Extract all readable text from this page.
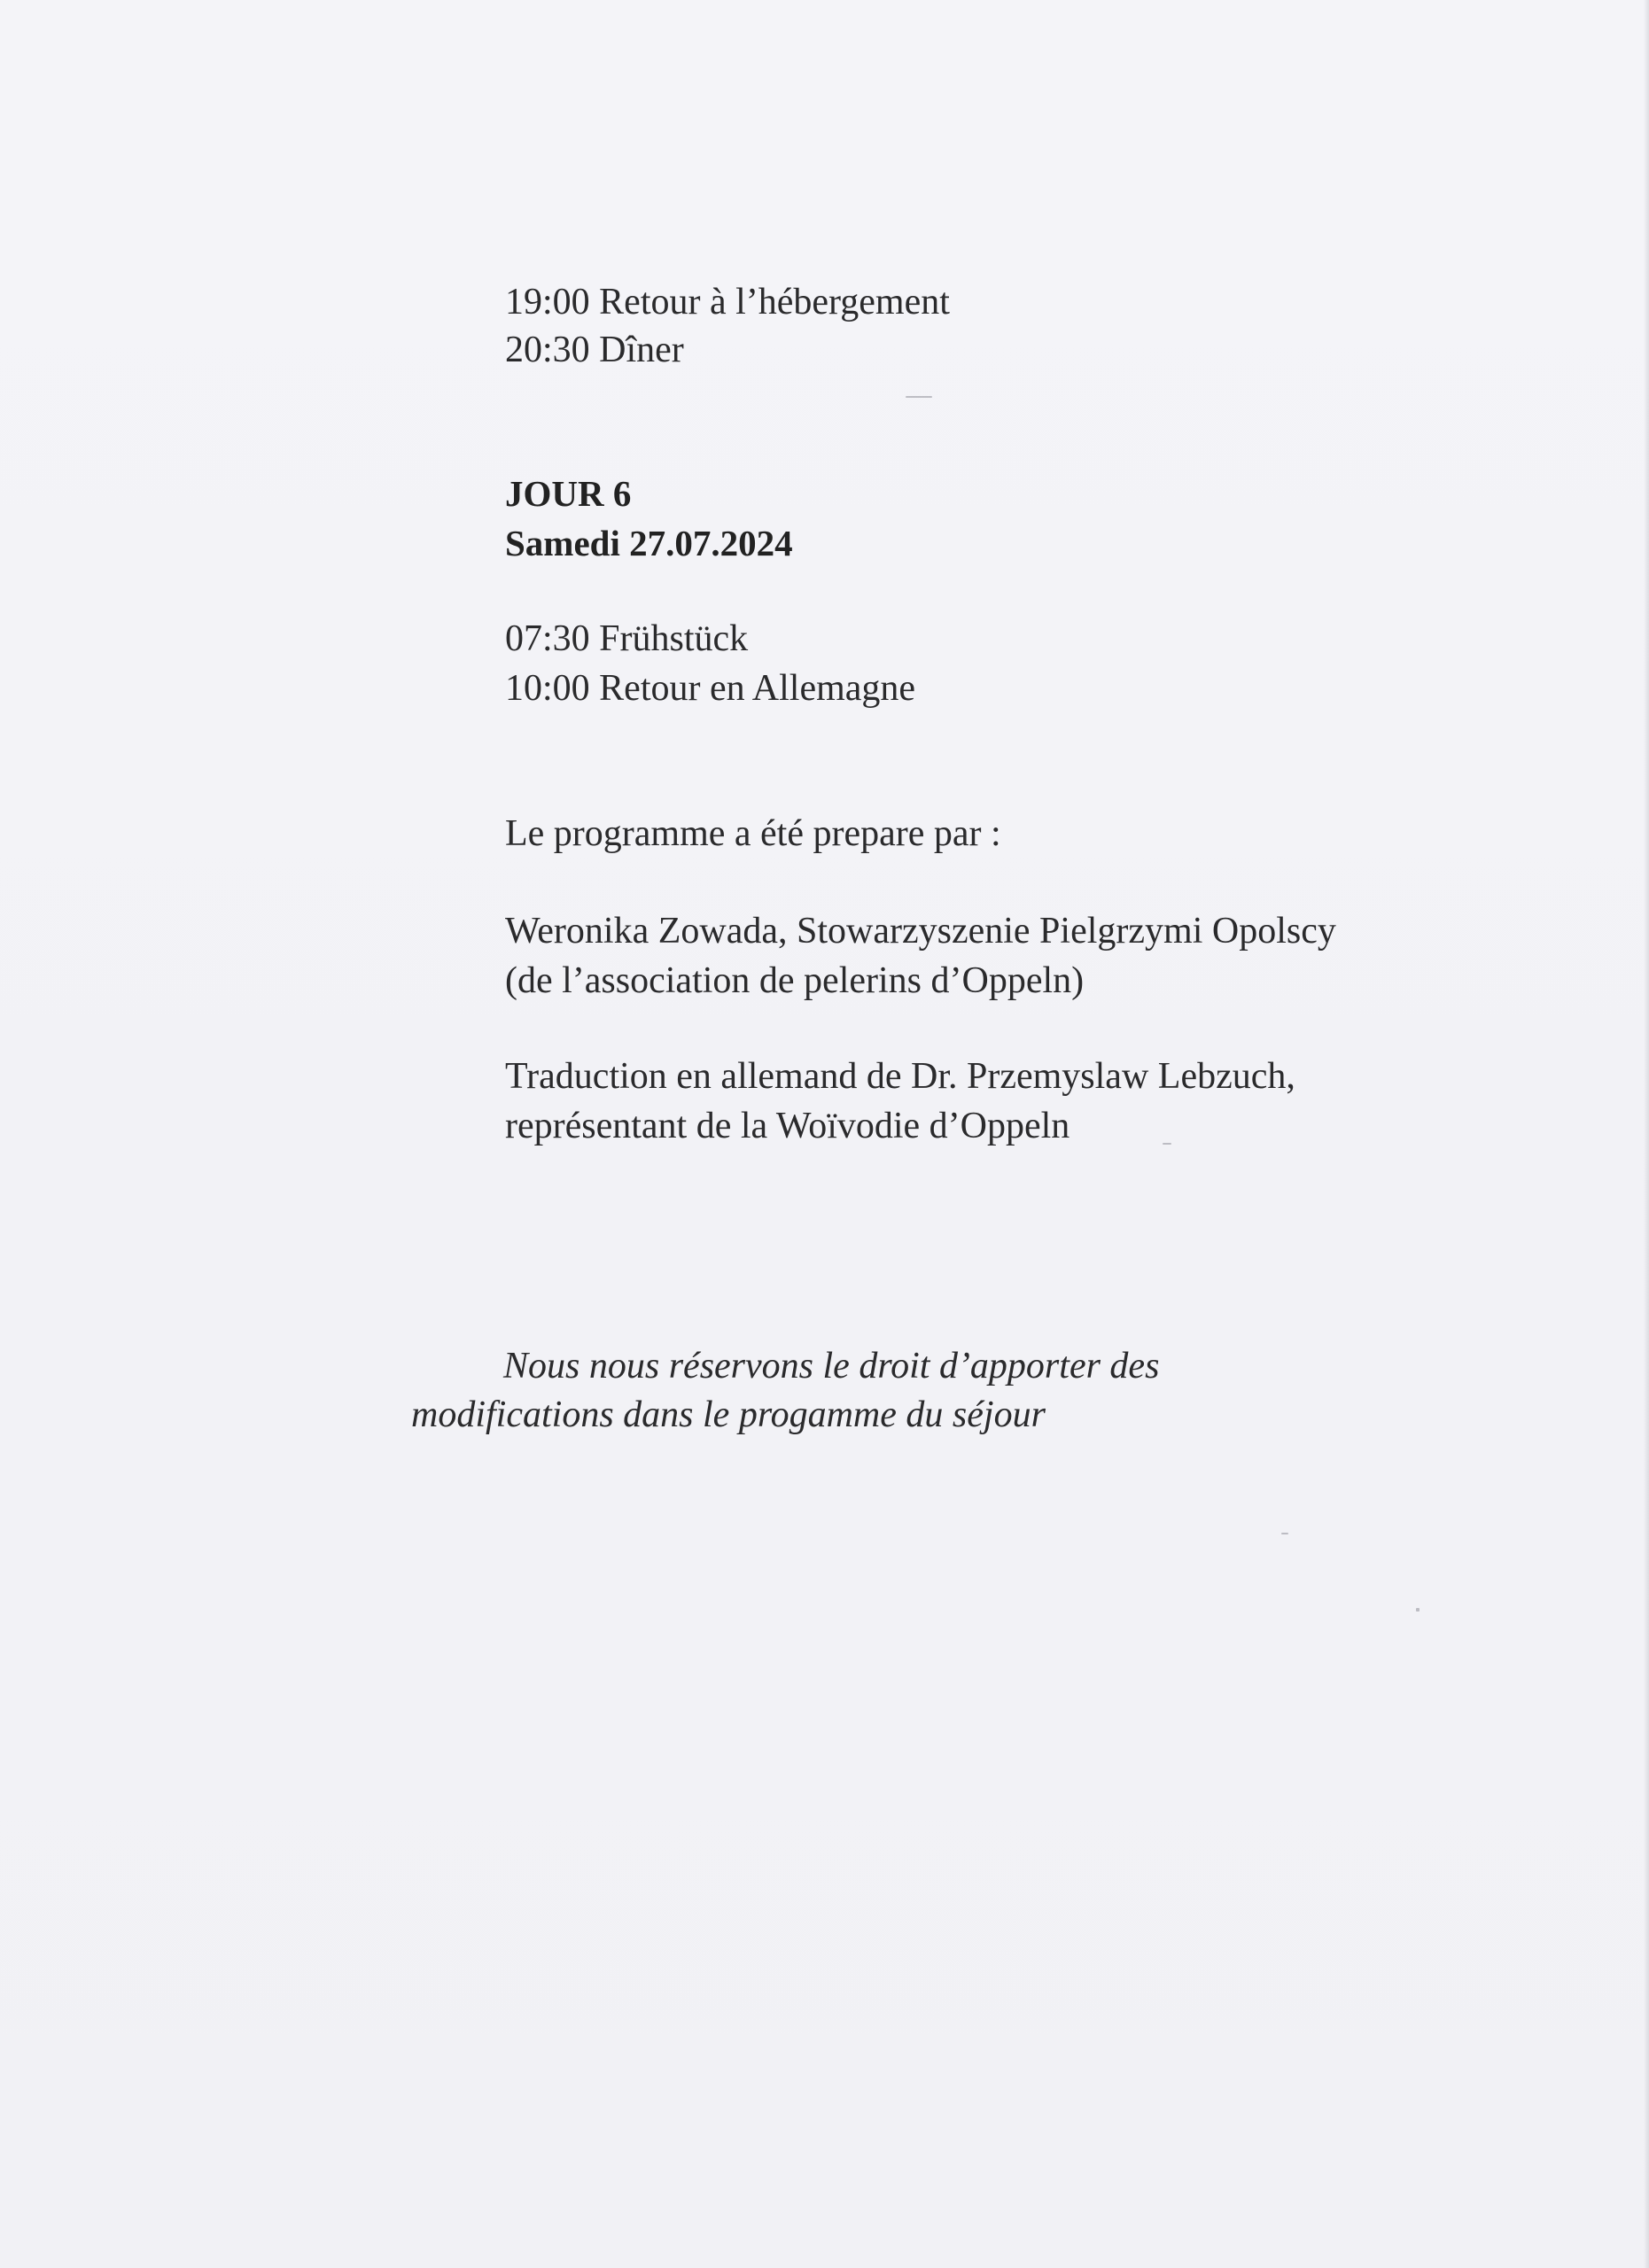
19:00 Retour à l’hébergement

20:30 Dîner

JOUR 6

Samedi 27.07.2024

07:30 Frühstück

10:00 Retour en Allemagne

Le programme a été prepare par :

Weronika Zowada, Stowarzyszenie Pielgrzymi Opolscy

(de l’association de pelerins d’Oppeln)

Traduction en allemand de Dr. Przemyslaw Lebzuch,

représentant de la Woïvodie d’Oppeln

Nous nous réservons le droit d’apporter des

modifications dans le progamme du séjour
